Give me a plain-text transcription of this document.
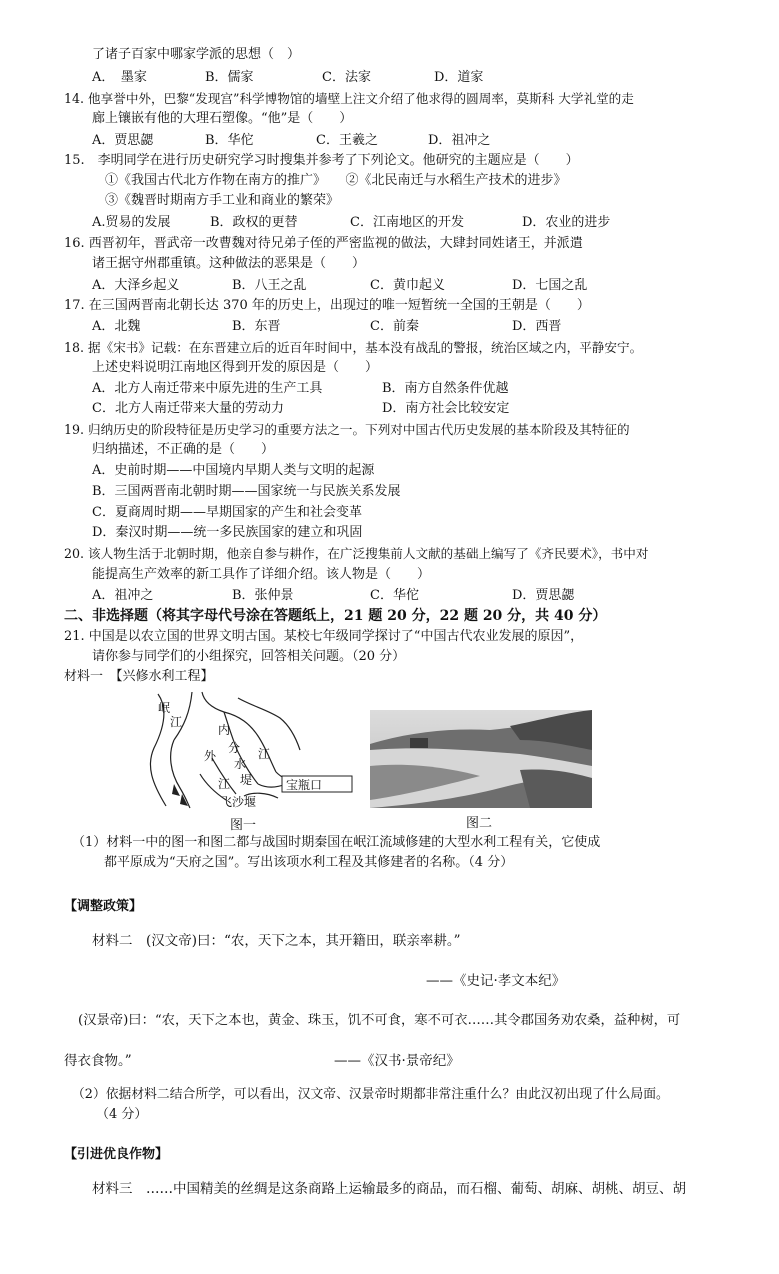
了诸子百家中哪家学派的思想（　）
A．　墨家	B．儒家	C．法家	D．道家
14. 他享誉中外，巴黎“发现宫”科学博物馆的墙壁上注文介绍了他求得的圆周率，莫斯科 大学礼堂的走
廊上镶嵌有他的大理石塑像。“他”是（　　）
A．贾思勰	B．华佗	C．王羲之	D．祖冲之
15.　李明同学在进行历史研究学习时搜集并参考了下列论文。他研究的主题应是（　　）
①《我国古代北方作物在南方的推广》　　②《北民南迁与水稻生产技术的进步》
③《魏晋时期南方手工业和商业的繁荣》
A.贸易的发展	B．政权的更替	C．江南地区的开发	D．农业的进步
16. 西晋初年，晋武帝一改曹魏对待兄弟子侄的严密监视的做法，大肆封同姓诸王，并派遣
诸王据守州郡重镇。这种做法的恶果是（　　）
A．大泽乡起义	B．八王之乱	C．黄巾起义	D．七国之乱
17. 在三国两晋南北朝长达 370 年的历史上，出现过的唯一短暂统一全国的王朝是（　　）
A．北魏	B．东晋	C．前秦	D．西晋
18. 据《宋书》记载：在东晋建立后的近百年时间中，基本没有战乱的警报，统治区域之内，平静安宁。
上述史料说明江南地区得到开发的原因是（　　）
A．北方人南迁带来中原先进的生产工具	B．南方自然条件优越
C．北方人南迁带来大量的劳动力	D．南方社会比较安定
19. 归纳历史的阶段特征是历史学习的重要方法之一。下列对中国古代历史发展的基本阶段及其特征的
归纳描述，不正确的是（　　）
A．史前时期——中国境内早期人类与文明的起源
B．三国两晋南北朝时期——国家统一与民族关系发展
C．夏商周时期——早期国家的产生和社会变革
D．秦汉时期——统一多民族国家的建立和巩固
20. 该人物生活于北朝时期，他亲自参与耕作，在广泛搜集前人文献的基础上编写了《齐民要术》，书中对
能提高生产效率的新工具作了详细介绍。该人物是（　　）
A．祖冲之	B．张仲景	C．华佗	D．贾思勰
二、非选择题（将其字母代号涂在答题纸上，21 题 20 分，22 题 20 分，共 40 分）
21. 中国是以农立国的世界文明古国。某校七年级同学探讨了“中国古代农业发展的原因”，
请你参与同学们的小组探究，回答相关问题。（20 分）
材料一　【兴修水利工程】
岷
江
内
外
分
水
堤
江
江	宝瓶口
飞沙堰
图一	图二
（1）材料一中的图一和图二都与战国时期秦国在岷江流域修建的大型水利工程有关，它使成
都平原成为“天府之国”。写出该项水利工程及其修建者的名称。（4 分）
【调整政策】
材料二　(汉文帝)曰：“农，天下之本，其开籍田，联亲率耕。”
——《史记·孝文本纪》
(汉景帝)曰：“农，天下之本也，黄金、珠玉，饥不可食，寒不可衣……其令郡国务劝农桑，益种树，可
得衣食物。”	——《汉书·景帝纪》
（2）依据材料二结合所学，可以看出，汉文帝、汉景帝时期都非常注重什么？由此汉初出现了什么局面。
（4 分）
【引进优良作物】
材料三　……中国精美的丝绸是这条商路上运输最多的商品，而石榴、葡萄、胡麻、胡桃、胡豆、胡
